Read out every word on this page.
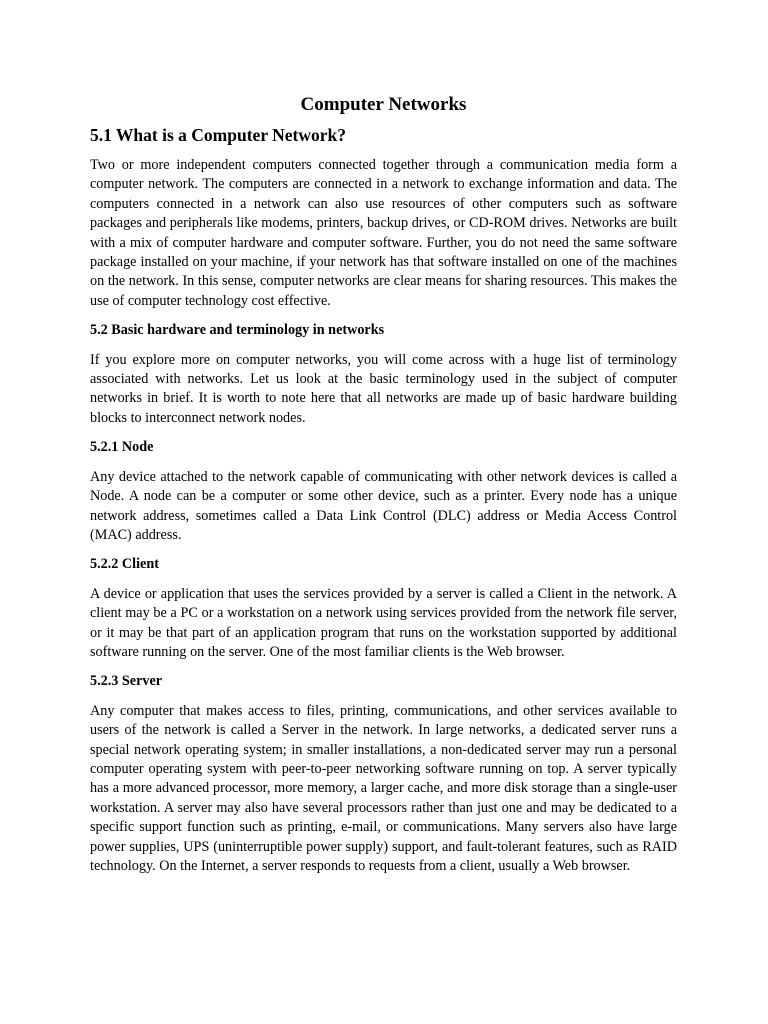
Computer Networks
5.1 What is a Computer Network?

Two or more independent computers connected together through a communication media form a computer network. The computers are connected in a network to exchange information and data. The computers connected in a network can also use resources of other computers such as software packages and peripherals like modems, printers, backup drives, or CD-ROM drives. Networks are built with a mix of computer hardware and computer software. Further, you do not need the same software package installed on your machine, if your network has that software installed on one of the machines on the network. In this sense, computer networks are clear means for sharing resources. This makes the use of computer technology cost effective.

5.2 Basic hardware and terminology in networks

If you explore more on computer networks, you will come across with a huge list of terminology associated with networks. Let us look at the basic terminology used in the subject of computer networks in brief. It is worth to note here that all networks are made up of basic hardware building blocks to interconnect network nodes.

5.2.1 Node

Any device attached to the network capable of communicating with other network devices is called a Node. A node can be a computer or some other device, such as a printer. Every node has a unique network address, sometimes called a Data Link Control (DLC) address or Media Access Control (MAC) address.

5.2.2 Client

A device or application that uses the services provided by a server is called a Client in the network. A client may be a PC or a workstation on a network using services provided from the network file server, or it may be that part of an application program that runs on the workstation supported by additional software running on the server. One of the most familiar clients is the Web browser.

5.2.3 Server

Any computer that makes access to files, printing, communications, and other services available to users of the network is called a Server in the network. In large networks, a dedicated server runs a special network operating system; in smaller installations, a non-dedicated server may run a personal computer operating system with peer-to-peer networking software running on top. A server typically has a more advanced processor, more memory, a larger cache, and more disk storage than a single-user workstation. A server may also have several processors rather than just one and may be dedicated to a specific support function such as printing, e-mail, or communications. Many servers also have large power supplies, UPS (uninterruptible power supply) support, and fault-tolerant features, such as RAID technology. On the Internet, a server responds to requests from a client, usually a Web browser.
